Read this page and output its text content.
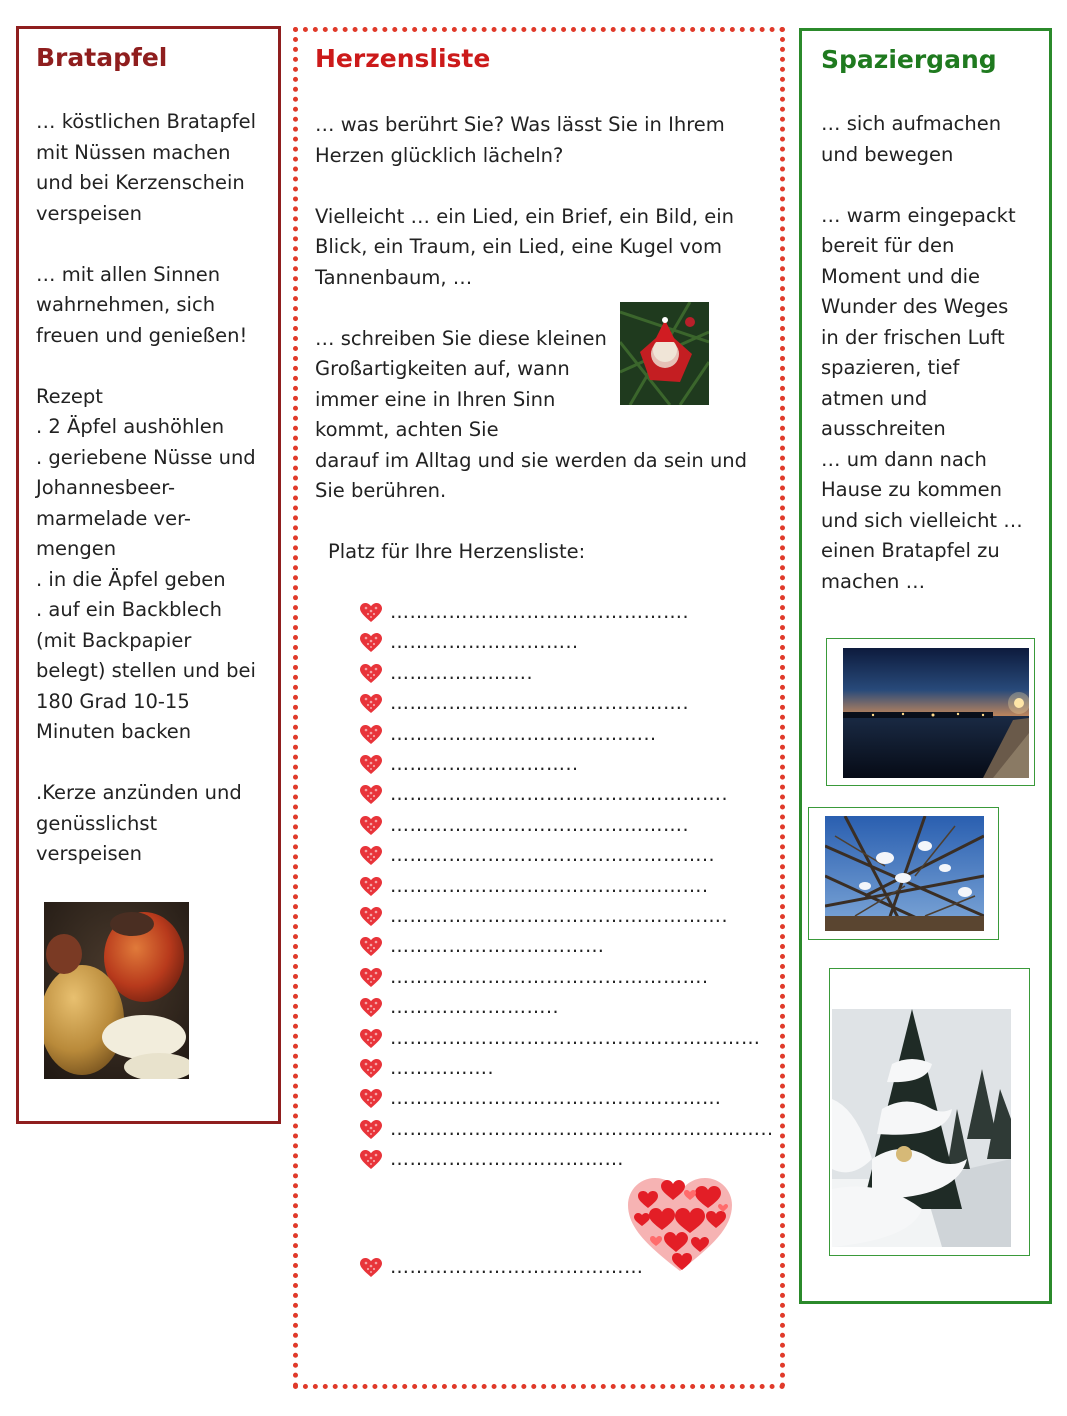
Bratapfel

… köstlichen Bratapfel

mit Nüssen machen

und bei Kerzenschein

verspeisen

… mit allen Sinnen

wahrnehmen, sich

freuen und genießen!

Rezept

. 2 Äpfel aushöhlen

. geriebene Nüsse und

Johannesbeer-

marmelade ver-

mengen

. in die Äpfel geben

. auf ein Backblech

(mit Backpapier

belegt) stellen und bei

180 Grad 10-15

Minuten backen

.Kerze anzünden und

genüsslichst

verspeisen

Herzensliste

… was berührt Sie? Was lässt Sie in Ihrem

Herzen glücklich lächeln?

Vielleicht … ein Lied, ein Brief, ein Bild, ein

Blick, ein Traum, ein Lied, eine Kugel vom

Tannenbaum, …

… schreiben Sie diese kleinen

Großartigkeiten auf, wann

immer eine in Ihren Sinn

kommt, achten Sie

darauf im Alltag und sie werden da sein und

Sie berühren.

Platz für Ihre Herzensliste:

……………………………………….
………………………..
………………….
……………………………………….
…………………………………..
………………………..
…………………………………………….
……………………………………….
…………………………………………..
………………………………………….
…………………………………………….
……………………………
………………………………………….
……………………..
…………………………………………………
…………….
……………………………………………
…………………………………………………..
………………………………
…………………………………
Spaziergang

… sich aufmachen

und bewegen

… warm eingepackt

bereit für den

Moment und die

Wunder des Weges

in der frischen Luft

spazieren, tief

atmen und

ausschreiten

… um dann nach

Hause zu kommen

und sich vielleicht …

einen Bratapfel zu

machen …
